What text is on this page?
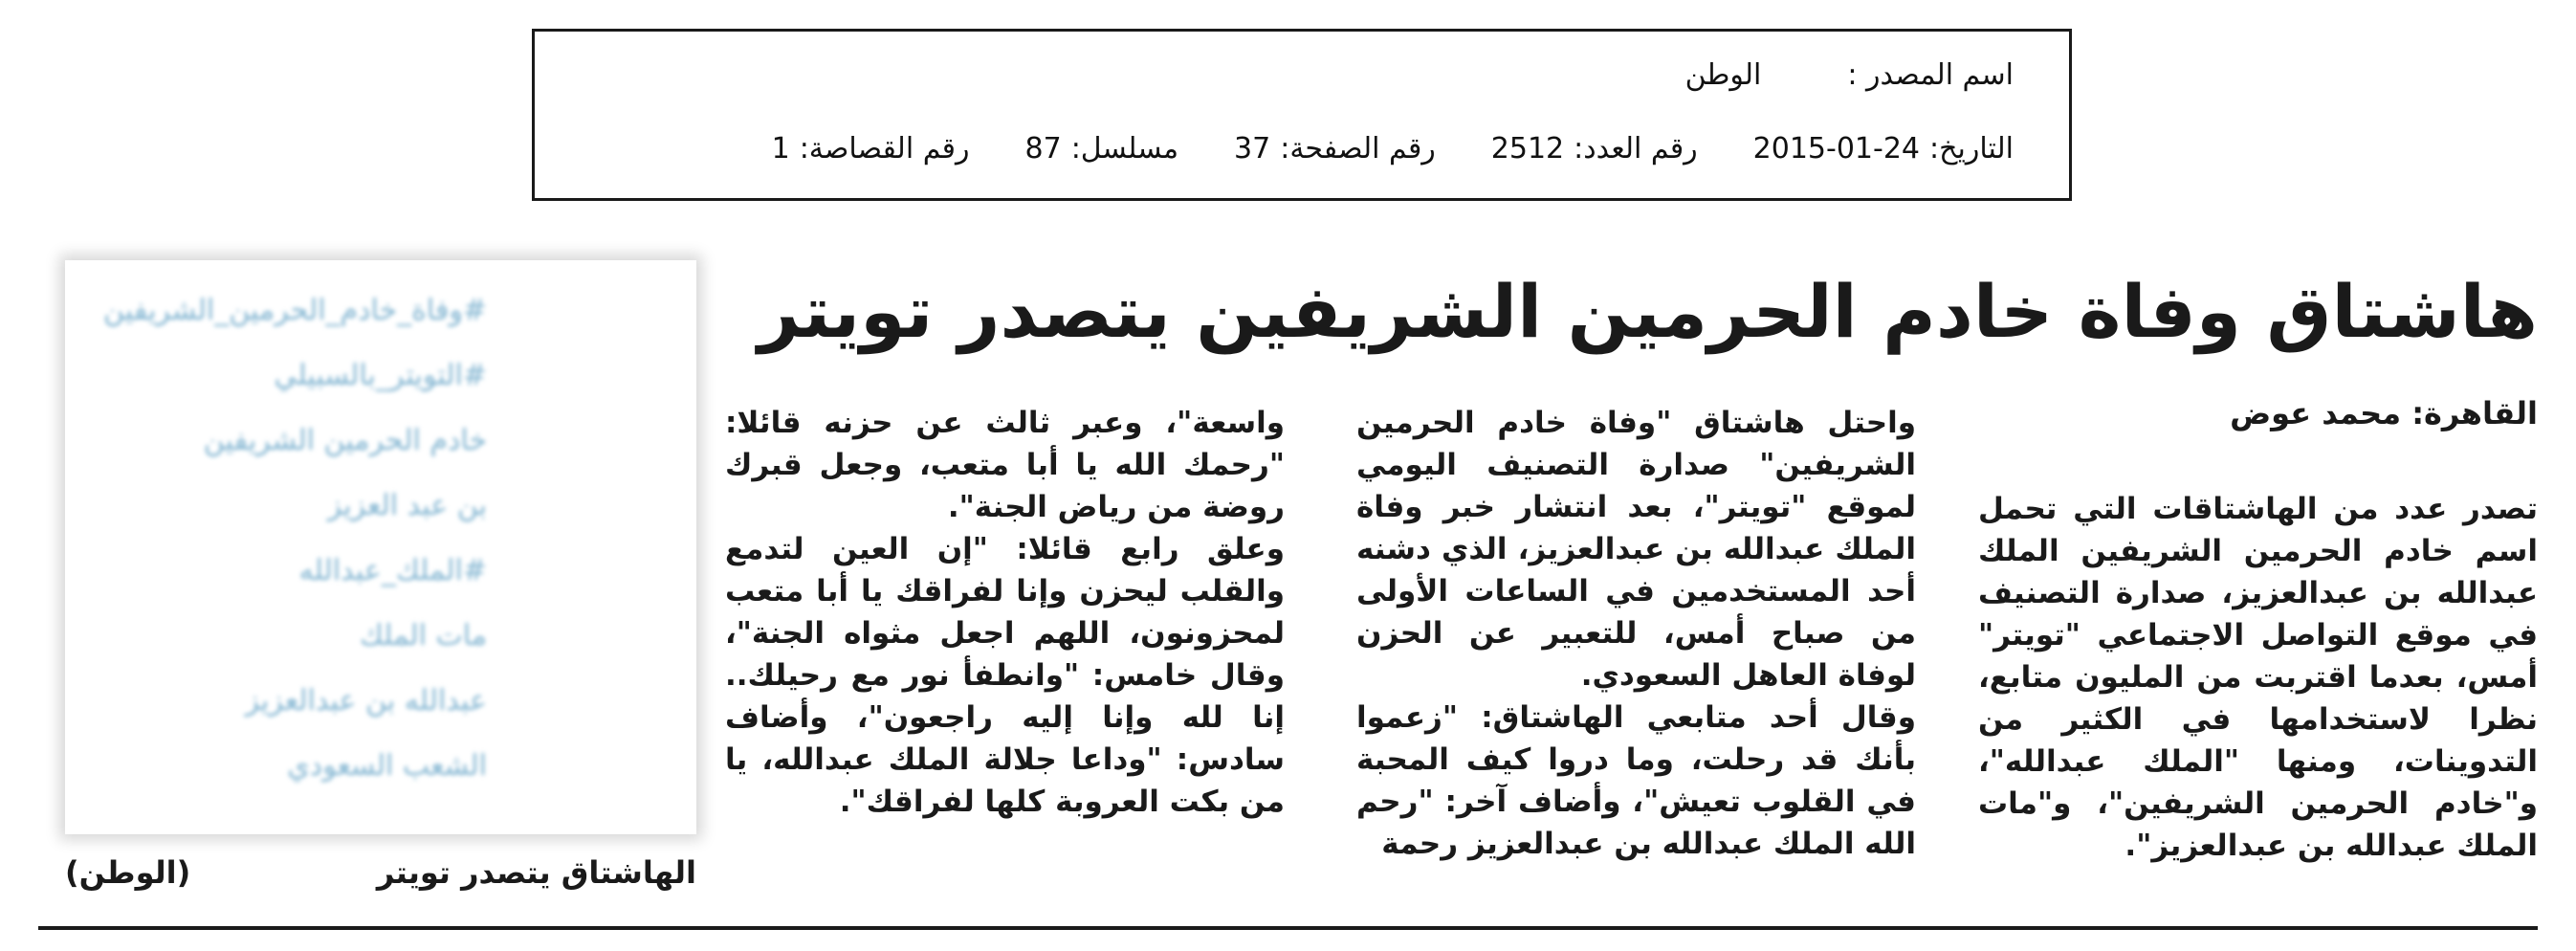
اسم المصدر :
الوطن
التاريخ:
2015-01-24
رقم العدد:
2512
رقم الصفحة:
37
مسلسل:
87
رقم القصاصة:
1
هاشتاق وفاة خادم الحرمين الشريفين يتصدر تويتر
القاهرة: محمد عوض

تصدر عدد من الهاشتاقات التي تحمل اسم خادم الحرمين الشريفين الملك عبدالله بن عبدالعزيز، صدارة التصنيف في موقع التواصل الاجتماعي "تويتر" أمس، بعدما اقتربت من المليون متابع، نظرا لاستخدامها في الكثير من التدوينات، ومنها "الملك عبدالله"، و"خادم الحرمين الشريفين"، و"مات الملك عبدالله بن عبدالعزيز".

واحتل هاشتاق "وفاة خادم الحرمين الشريفين" صدارة التصنيف اليومي لموقع "تويتر"، بعد انتشار خبر وفاة الملك عبدالله بن عبدالعزيز، الذي دشنه أحد المستخدمين في الساعات الأولى من صباح أمس، للتعبير عن الحزن لوفاة العاهل السعودي.

وقال أحد متابعي الهاشتاق: "زعموا بأنك قد رحلت، وما دروا كيف المحبة في القلوب تعيش"، وأضاف آخر: "رحم الله الملك عبدالله بن عبدالعزيز رحمة

واسعة"، وعبر ثالث عن حزنه قائلا: "رحمك الله يا أبا متعب، وجعل قبرك روضة من رياض الجنة".

وعلق رابع قائلا: "إن العين لتدمع والقلب ليحزن وإنا لفراقك يا أبا متعب لمحزونون، اللهم اجعل مثواه الجنة"، وقال خامس: "وانطفأ نور مع رحيلك.. إنا لله وإنا إليه راجعون"، وأضاف سادس: "وداعا جلالة الملك عبدالله، يا من بكت العروبة كلها لفراقك".

#وفاة_خادم_الحرمين_الشريفين
#التويتر_بالسبيلي
خادم الحرمين الشريفين
بن عبد العزيز
#الملك_عبدالله
مات الملك
عبدالله بن عبدالعزيز
الشعب السعودي
الهاشتاق يتصدر تويتر
(الوطن)
